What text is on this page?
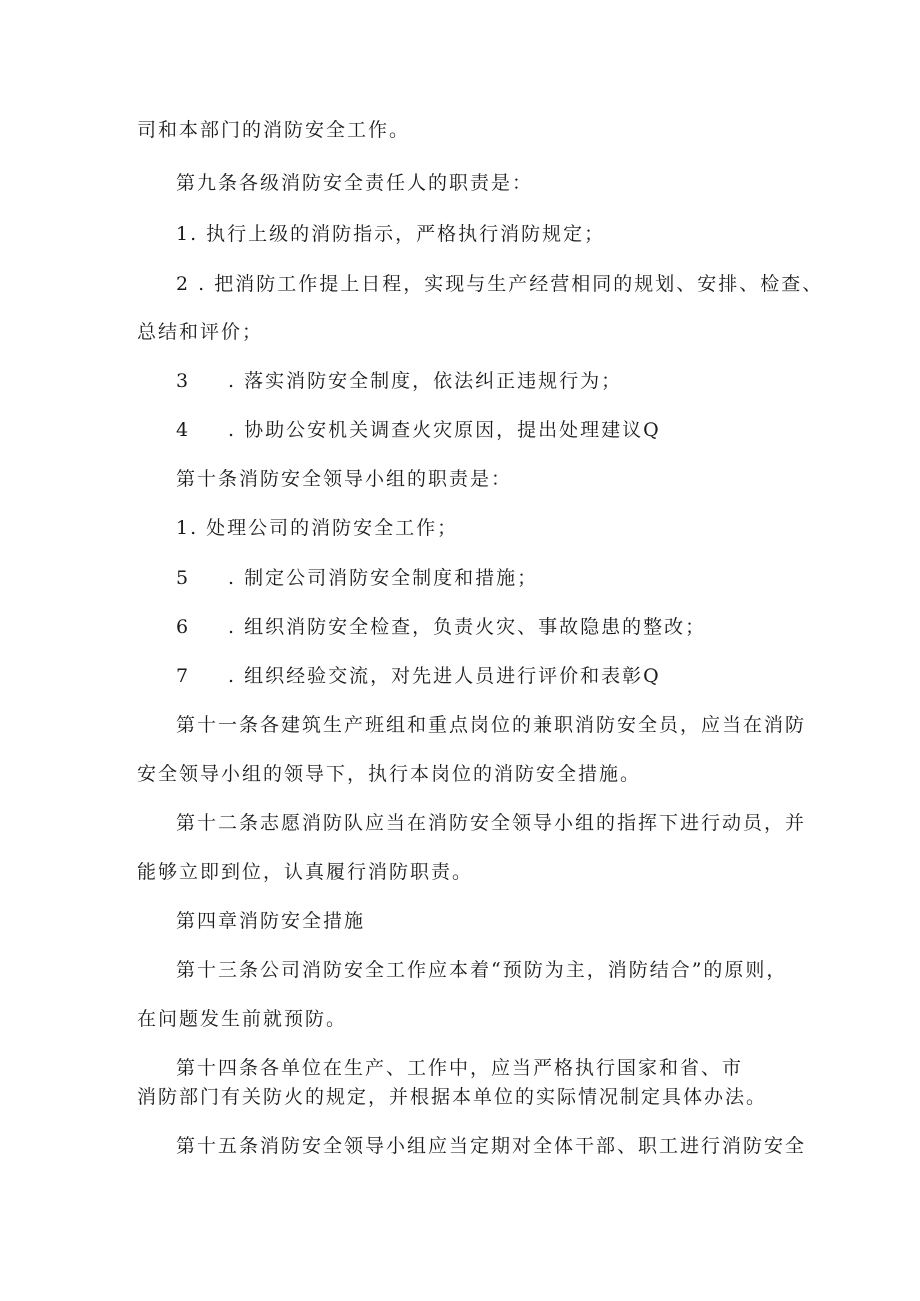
司和本部门的消防安全工作。
第九条各级消防安全责任人的职责是：
1. 执行上级的消防指示，严格执行消防规定；
2 . 把消防工作提上日程，实现与生产经营相同的规划、安排、检查、
总结和评价；
3 . 落实消防安全制度，依法纠正违规行为；
4 . 协助公安机关调查火灾原因，提出处理建议Q
第十条消防安全领导小组的职责是：
1. 处理公司的消防安全工作；
5 . 制定公司消防安全制度和措施；
6 . 组织消防安全检查，负责火灾、事故隐患的整改；
7 . 组织经验交流，对先进人员进行评价和表彰Q
第十一条各建筑生产班组和重点岗位的兼职消防安全员，应当在消防
安全领导小组的领导下，执行本岗位的消防安全措施。
第十二条志愿消防队应当在消防安全领导小组的指挥下进行动员，并
能够立即到位，认真履行消防职责。
第四章消防安全措施
第十三条公司消防安全工作应本着“预防为主，消防结合”的原则，
在问题发生前就预防。
第十四条各单位在生产、工作中，应当严格执行国家和省、市
消防部门有关防火的规定，并根据本单位的实际情况制定具体办法。
第十五条消防安全领导小组应当定期对全体干部、职工进行消防安全
